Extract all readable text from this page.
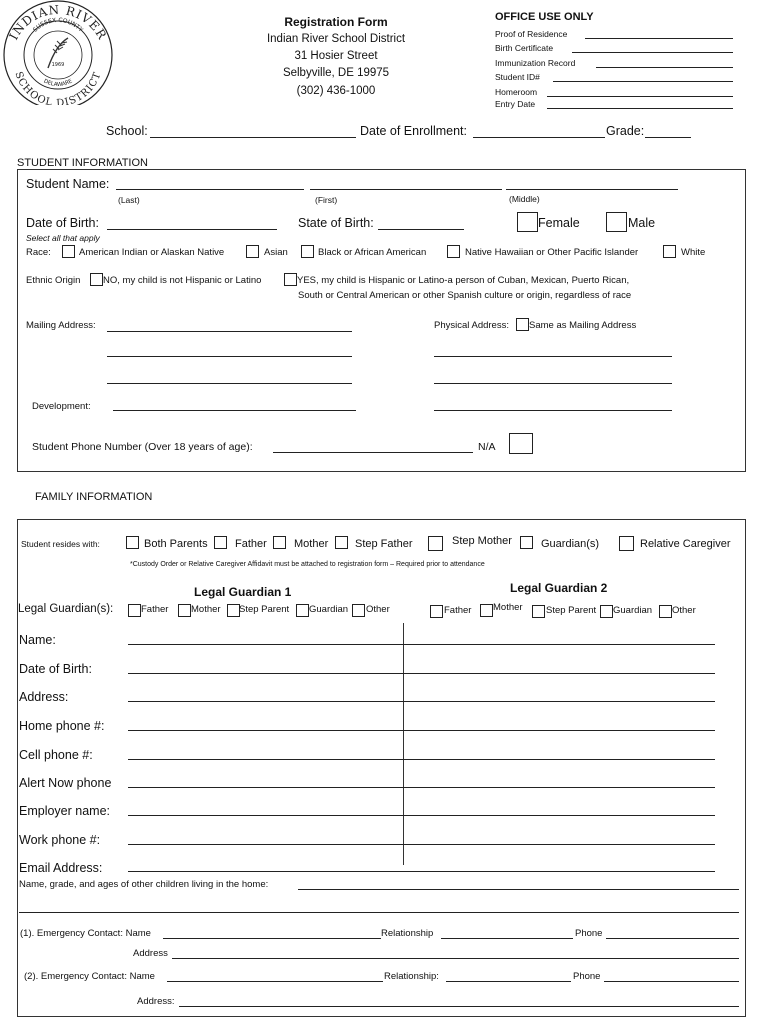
INDIAN RIVER
SCHOOL DISTRICT
SUSSEX COUNTY
DELAWARE
1969
Registration Form
Indian River School District
31 Hosier Street
Selbyville, DE 19975
(302) 436-1000
OFFICE USE ONLY
Proof of Residence
Birth Certificate
Immunization Record
Student ID#
Homeroom
Entry Date
School:	Date of Enrollment:	Grade:
STUDENT INFORMATION
Student Name:
(Last)	(First)	(Middle)
Date of Birth:	State of Birth:	Female	Male
Select all that apply
Race:	American Indian or Alaskan Native	Asian	Black or African American	Native Hawaiian or Other Pacific Islander	White
Ethnic Origin NO, my child is not Hispanic or Latino	YES, my child is Hispanic or Latino-a person of Cuban, Mexican, Puerto Rican,
South or Central American or other Spanish culture or origin, regardless of race
Mailing Address:	Physical Address: Same as Mailing Address
Development:
Student Phone Number (Over 18 years of age):	N/A
FAMILY INFORMATION
Student resides with:	Both Parents Father Mother Step Father	Step Mother	Guardian(s)	Relative Caregiver
*Custody Order or Relative Caregiver Affidavit must be attached to registration form – Required prior to attendance
Legal Guardian 1	Legal Guardian 2
Legal Guardian(s):	Father Mother Step Parent Guardian Other	Father Mother Step Parent Guardian Other
Name:
Date of Birth:
Address:
Home phone #:
Cell phone #:
Alert Now phone
Employer name:
Work phone #:
Email Address:
Name, grade, and ages of other children living in the home:
(1). Emergency Contact: Name	Relationship	Phone
Address
(2). Emergency Contact: Name	Relationship:	Phone
Address:
